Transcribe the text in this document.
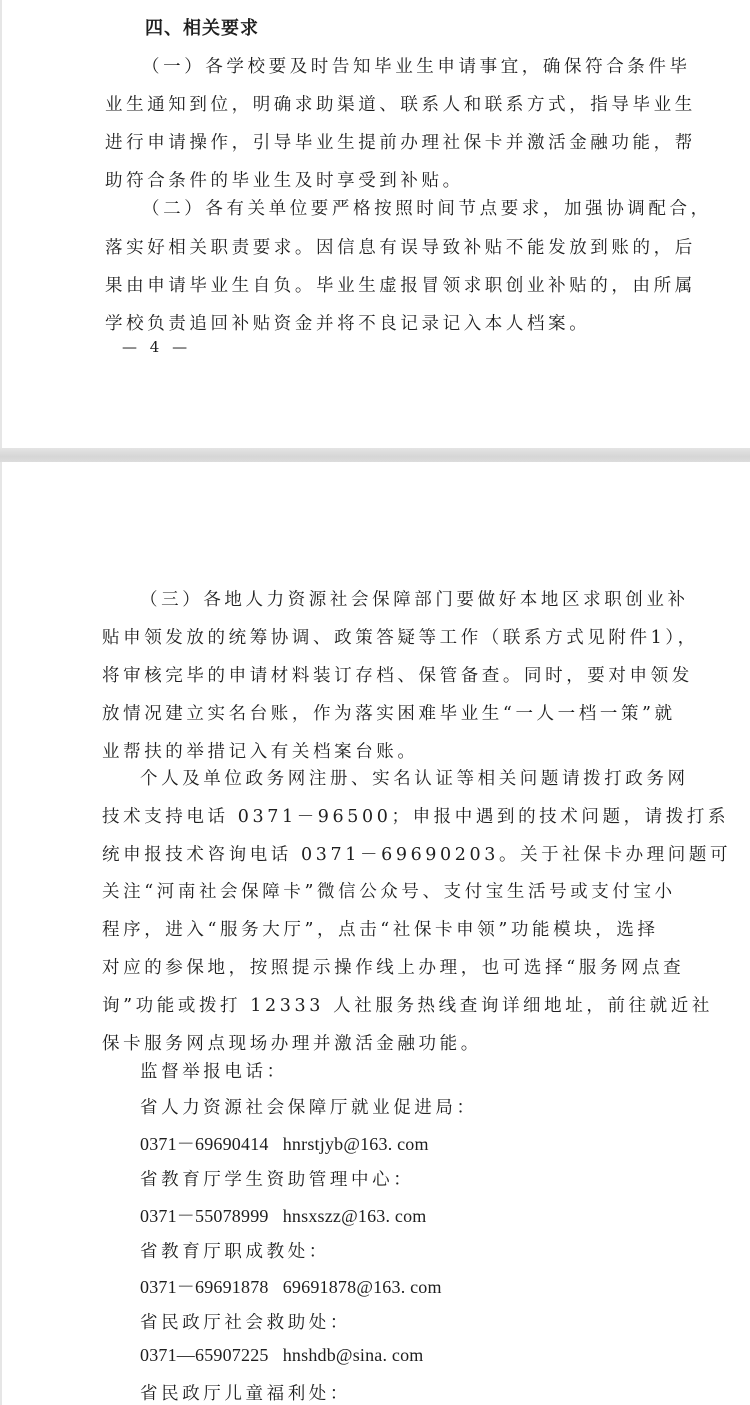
四、相关要求
（一）各学校要及时告知毕业生申请事宜，确保符合条件毕
业生通知到位，明确求助渠道、联系人和联系方式，指导毕业生
进行申请操作，引导毕业生提前办理社保卡并激活金融功能，帮
助符合条件的毕业生及时享受到补贴。
（二）各有关单位要严格按照时间节点要求，加强协调配合，
落实好相关职责要求。因信息有误导致补贴不能发放到账的，后
果由申请毕业生自负。毕业生虚报冒领求职创业补贴的，由所属
学校负责追回补贴资金并将不良记录记入本人档案。
— 4 —
（三）各地人力资源社会保障部门要做好本地区求职创业补
贴申领发放的统筹协调、政策答疑等工作（联系方式见附件1），
将审核完毕的申请材料装订存档、保管备查。同时，要对申领发
放情况建立实名台账，作为落实困难毕业生“一人一档一策”就
业帮扶的举措记入有关档案台账。
个人及单位政务网注册、实名认证等相关问题请拨打政务网
技术支持电话 0371－96500；申报中遇到的技术问题，请拨打系
统申报技术咨询电话 0371－69690203。关于社保卡办理问题可
关注“河南社会保障卡”微信公众号、支付宝生活号或支付宝小
程序，进入“服务大厅”，点击“社保卡申领”功能模块，选择
对应的参保地，按照提示操作线上办理，也可选择“服务网点查
询”功能或拨打 12333 人社服务热线查询详细地址，前往就近社
保卡服务网点现场办理并激活金融功能。
监督举报电话：
省人力资源社会保障厅就业促进局：
0371－69690414 hnrstjyb@163. com
省教育厅学生资助管理中心：
0371－55078999 hnsxszz@163. com
省教育厅职成教处：
0371－69691878 69691878@163. com
省民政厅社会救助处：
0371—65907225 hnshdb@sina. com
省民政厅儿童福利处：
